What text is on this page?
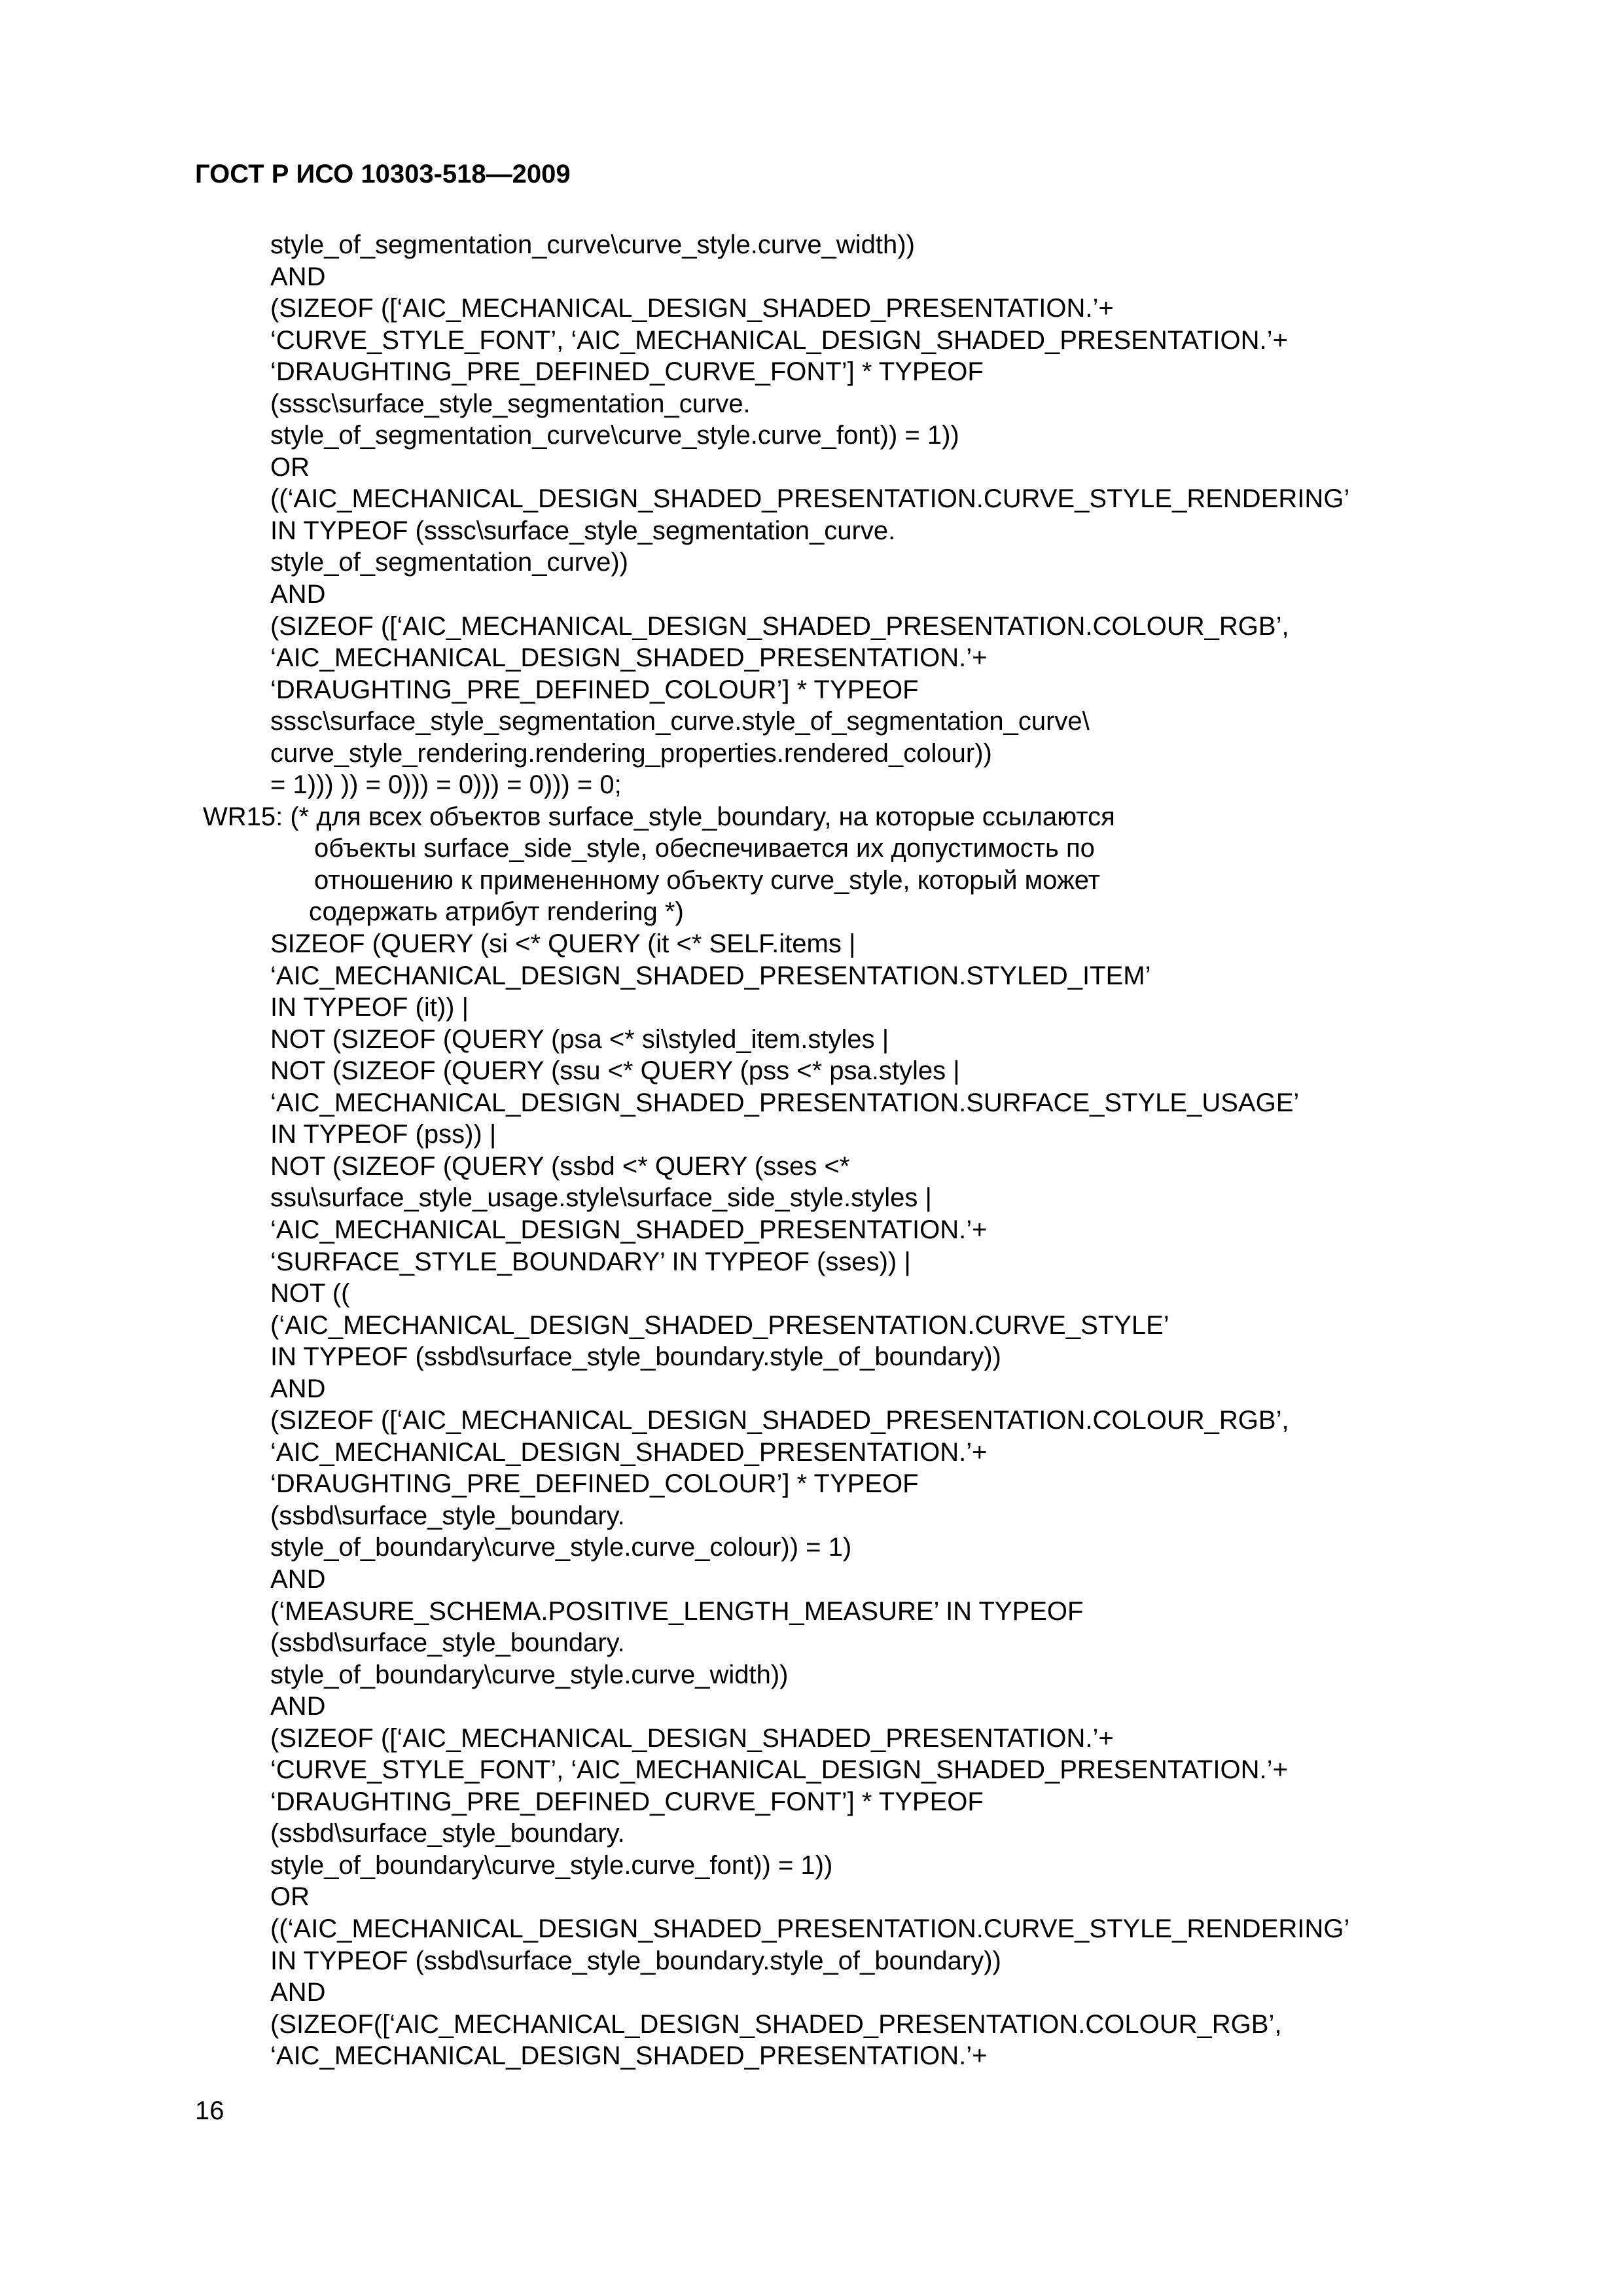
ГОСТ Р ИСО 10303-518—2009
style_of_segmentation_curve\curve_style.curve_width))
AND
(SIZEOF ([‘AIC_MECHANICAL_DESIGN_SHADED_PRESENTATION.’+
‘CURVE_STYLE_FONT’, ‘AIC_MECHANICAL_DESIGN_SHADED_PRESENTATION.’+
‘DRAUGHTING_PRE_DEFINED_CURVE_FONT’] * TYPEOF
(sssc\surface_style_segmentation_curve.
style_of_segmentation_curve\curve_style.curve_font)) = 1))
OR
((‘AIC_MECHANICAL_DESIGN_SHADED_PRESENTATION.CURVE_STYLE_RENDERING’
IN TYPEOF (sssc\surface_style_segmentation_curve.
style_of_segmentation_curve))
AND
(SIZEOF ([‘AIC_MECHANICAL_DESIGN_SHADED_PRESENTATION.COLOUR_RGB’,
‘AIC_MECHANICAL_DESIGN_SHADED_PRESENTATION.’+
‘DRAUGHTING_PRE_DEFINED_COLOUR’] * TYPEOF
sssc\surface_style_segmentation_curve.style_of_segmentation_curve\
curve_style_rendering.rendering_properties.rendered_colour))
= 1))) )) = 0))) = 0))) = 0))) = 0;
WR15: (* для всех объектов surface_style_boundary, на которые ссылаются
объекты surface_side_style, обеспечивается их допустимость по
отношению к примененному объекту curve_style, который может
содержать атрибут rendering *)
SIZEOF (QUERY (si <* QUERY (it <* SELF.items |
‘AIC_MECHANICAL_DESIGN_SHADED_PRESENTATION.STYLED_ITEM’
IN TYPEOF (it)) |
NOT (SIZEOF (QUERY (psa <* si\styled_item.styles |
NOT (SIZEOF (QUERY (ssu <* QUERY (pss <* psa.styles |
‘AIC_MECHANICAL_DESIGN_SHADED_PRESENTATION.SURFACE_STYLE_USAGE’
IN TYPEOF (pss)) |
NOT (SIZEOF (QUERY (ssbd <* QUERY (sses <*
ssu\surface_style_usage.style\surface_side_style.styles |
‘AIC_MECHANICAL_DESIGN_SHADED_PRESENTATION.’+
‘SURFACE_STYLE_BOUNDARY’ IN TYPEOF (sses)) |
NOT ((
(‘AIC_MECHANICAL_DESIGN_SHADED_PRESENTATION.CURVE_STYLE’
IN TYPEOF (ssbd\surface_style_boundary.style_of_boundary))
AND
(SIZEOF ([‘AIC_MECHANICAL_DESIGN_SHADED_PRESENTATION.COLOUR_RGB’,
‘AIC_MECHANICAL_DESIGN_SHADED_PRESENTATION.’+
‘DRAUGHTING_PRE_DEFINED_COLOUR’] * TYPEOF
(ssbd\surface_style_boundary.
style_of_boundary\curve_style.curve_colour)) = 1)
AND
(‘MEASURE_SCHEMA.POSITIVE_LENGTH_MEASURE’ IN TYPEOF
(ssbd\surface_style_boundary.
style_of_boundary\curve_style.curve_width))
AND
(SIZEOF ([‘AIC_MECHANICAL_DESIGN_SHADED_PRESENTATION.’+
‘CURVE_STYLE_FONT’, ‘AIC_MECHANICAL_DESIGN_SHADED_PRESENTATION.’+
‘DRAUGHTING_PRE_DEFINED_CURVE_FONT’] * TYPEOF
(ssbd\surface_style_boundary.
style_of_boundary\curve_style.curve_font)) = 1))
OR
((‘AIC_MECHANICAL_DESIGN_SHADED_PRESENTATION.CURVE_STYLE_RENDERING’
IN TYPEOF (ssbd\surface_style_boundary.style_of_boundary))
AND
(SIZEOF([‘AIC_MECHANICAL_DESIGN_SHADED_PRESENTATION.COLOUR_RGB’,
‘AIC_MECHANICAL_DESIGN_SHADED_PRESENTATION.’+
16
